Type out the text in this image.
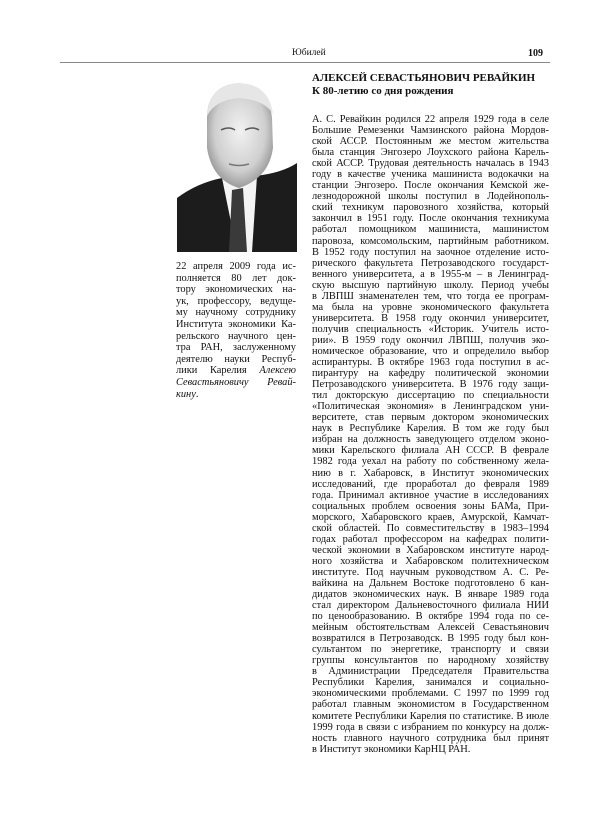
Юбилей	109
АЛЕКСЕЙ СЕВАСТЬЯНОВИЧ РЕВАЙКИН
К 80-летию со дня рождения
22 апреля 2009 года ис-
полняется 80 лет док-
тору экономических на-
ук, профессору, ведуще-
му научному сотруднику
Института экономики Ка-
рельского научного цен-
тра РАН, заслуженному
деятелю науки Респуб-
лики Карелия Алексею
Севастьяновичу Ревай-
кину.
А. С. Ревайкин родился 22 апреля 1929 года в селе
Большие Ремезенки Чамзинского района Мордов-
ской АССР. Постоянным же местом жительства
была станция Энгозеро Лоухского района Карель-
ской АССР. Трудовая деятельность началась в 1943
году в качестве ученика машиниста водокачки на
станции Энгозеро. После окончания Кемской же-
лезнодорожной школы поступил в Лодейнополь-
ский техникум паровозного хозяйства, который
закончил в 1951 году. После окончания техникума
работал помощником машиниста, машинистом
паровоза, комсомольским, партийным работником.
В 1952 году поступил на заочное отделение исто-
рического факультета Петрозаводского государст-
венного университета, а в 1955-м – в Ленинград-
скую высшую партийную школу. Период учебы
в ЛВПШ знаменателен тем, что тогда ее програм-
ма была на уровне экономического факультета
университета. В 1958 году окончил университет,
получив специальность «Историк. Учитель исто-
рии». В 1959 году окончил ЛВПШ, получив эко-
номическое образование, что и определило выбор
аспирантуры. В октябре 1963 года поступил в ас-
пирантуру на кафедру политической экономии
Петрозаводского университета. В 1976 году защи-
тил докторскую диссертацию по специальности
«Политическая экономия» в Ленинградском уни-
верситете, став первым доктором экономических
наук в Республике Карелия. В том же году был
избран на должность заведующего отделом эконо-
мики Карельского филиала АН СССР. В феврале
1982 года уехал на работу по собственному жела-
нию в г. Хабаровск, в Институт экономических
исследований, где проработал до февраля 1989
года. Принимал активное участие в исследованиях
социальных проблем освоения зоны БАМа, При-
морского, Хабаровского краев, Амурской, Камчат-
ской областей. По совместительству в 1983–1994
годах работал профессором на кафедрах полити-
ческой экономии в Хабаровском институте народ-
ного хозяйства и Хабаровском политехническом
институте. Под научным руководством А. С. Ре-
вайкина на Дальнем Востоке подготовлено 6 кан-
дидатов экономических наук. В январе 1989 года
стал директором Дальневосточного филиала НИИ
по ценообразованию. В октябре 1994 года по се-
мейным обстоятельствам Алексей Севастьянович
возвратился в Петрозаводск. В 1995 году был кон-
сультантом по энергетике, транспорту и связи
группы консультантов по народному хозяйству
в Администрации Председателя Правительства
Республики Карелия, занимался и социально-
экономическими проблемами. С 1997 по 1999 год
работал главным экономистом в Государственном
комитете Республики Карелия по статистике. В июле
1999 года в связи с избранием по конкурсу на долж-
ность главного научного сотрудника был принят
в Институт экономики КарНЦ РАН.
